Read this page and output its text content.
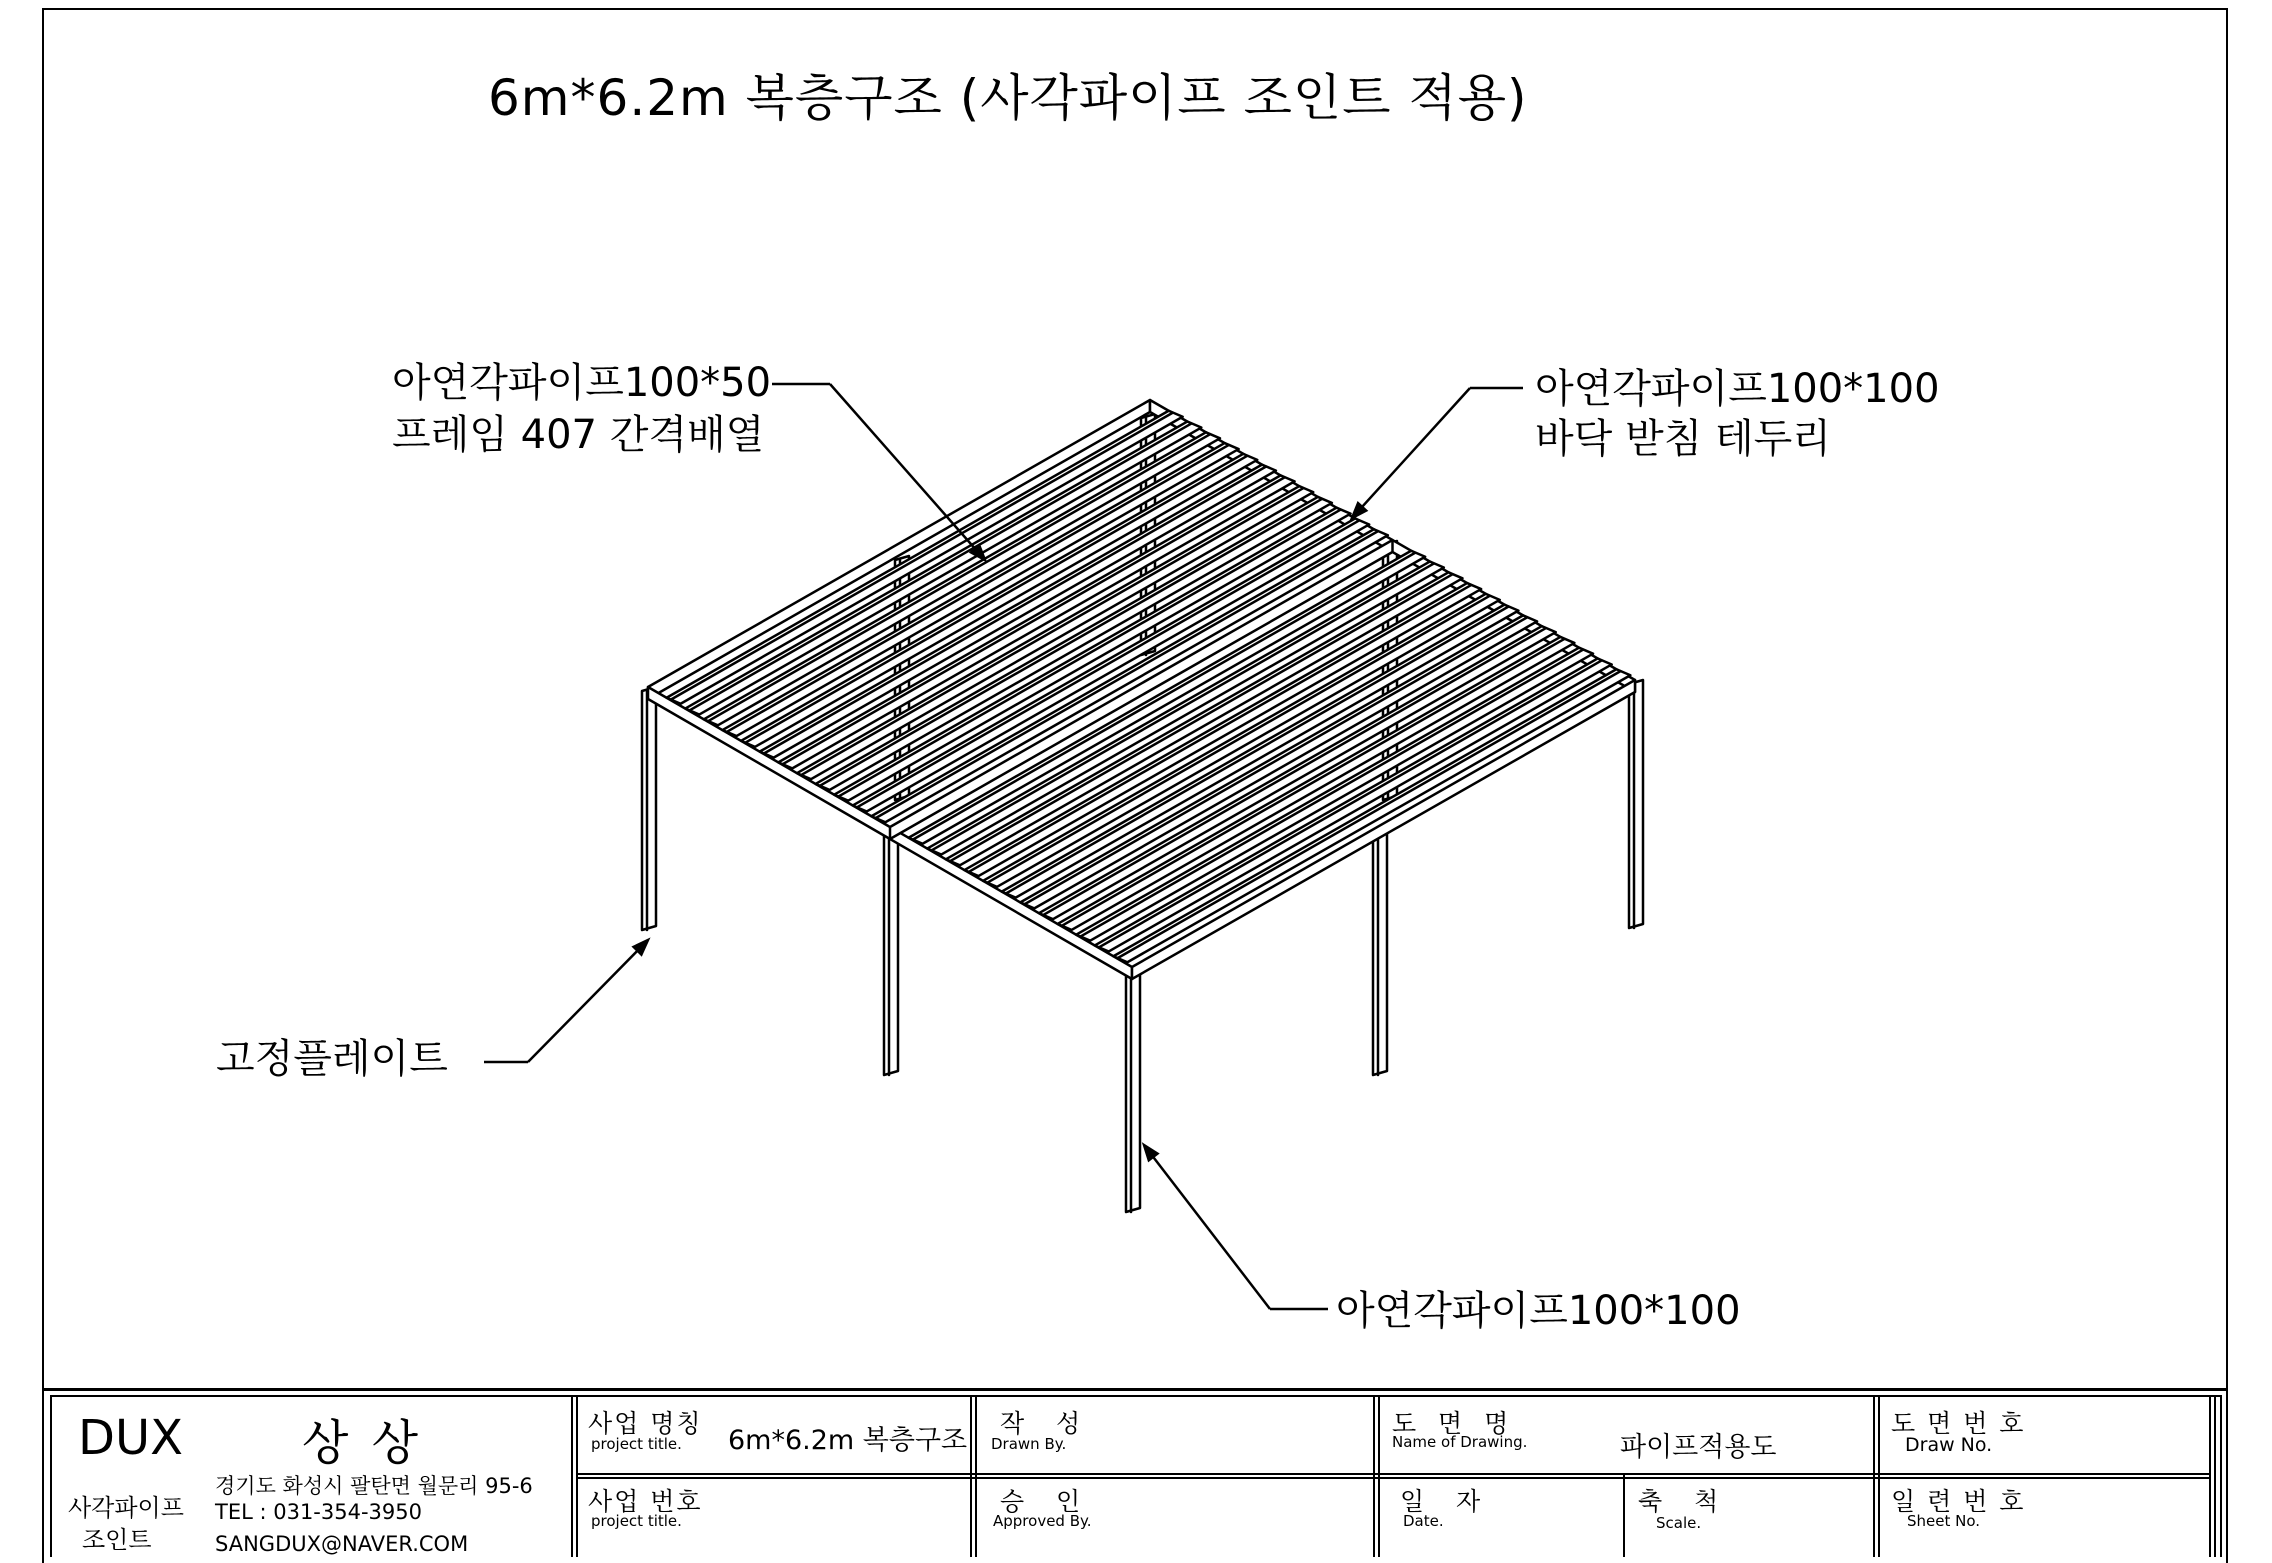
6m*6.2m 복층구조 (사각파이프 조인트 적용)
아연각파이프100*50
프레임 407 간격배열
아연각파이프100*100
바닥 받침 테두리
고정플레이트
아연각파이프100*100
DUX 상 상
사각파이프
조인트
경기도 화성시 팔탄면 월문리 95-6
TEL : 031-354-3950
SANGDUX@NAVER.COM
사업 명칭
project title. 6m*6.2m 복층구조
사업 번호
project title.
작   성
Drawn By.
승   인
Approved By.
도  면  명
Name of Drawing.	파이프적용도
일   자
Date.
축   척
Scale.
도 면 번 호
Draw No.
일 련 번 호
Sheet No.
